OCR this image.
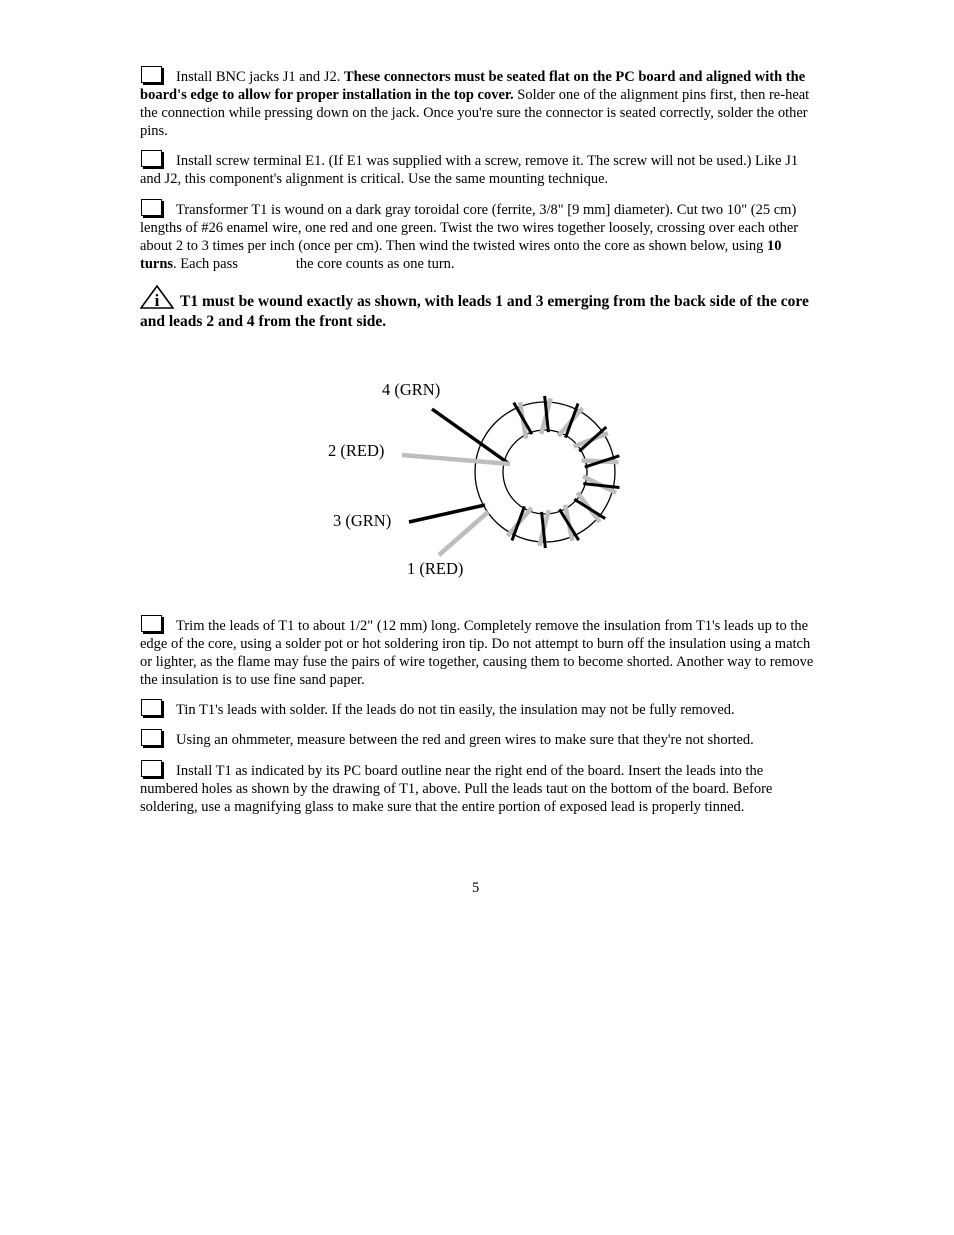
Install BNC jacks J1 and J2. These connectors must be seated flat on the PC board and aligned with the board's edge to allow for proper installation in the top cover. Solder one of the alignment pins first, then re-heat the connection while pressing down on the jack. Once you're sure the connector is seated correctly, solder the other pins.
Install screw terminal E1. (If E1 was supplied with a screw, remove it. The screw will not be used.) Like J1 and J2, this component's alignment is critical. Use the same mounting technique.
Transformer T1 is wound on a dark gray toroidal core (ferrite, 3/8" [9 mm] diameter). Cut two 10" (25 cm) lengths of #26 enamel wire, one red and one green. Twist the two wires together loosely, crossing over each other about 2 to 3 times per inch (once per cm). Then wind the twisted wires onto the core as shown below, using 10 turns. Each pass	the core counts as one turn.
i T1 must be wound exactly as shown, with leads 1 and 3 emerging from the back side of the core and leads 2 and 4 from the front side.
4 (GRN)
2 (RED)
3 (GRN)
1 (RED)
Trim the leads of T1 to about 1/2" (12 mm) long. Completely remove the insulation from T1's leads up to the edge of the core, using a solder pot or hot soldering iron tip. Do not attempt to burn off the insulation using a match or lighter, as the flame may fuse the pairs of wire together, causing them to become shorted. Another way to remove the insulation is to use fine sand paper.
Tin T1's leads with solder. If the leads do not tin easily, the insulation may not be fully removed.
Using an ohmmeter, measure between the red and green wires to make sure that they're not shorted.
Install T1 as indicated by its PC board outline near the right end of the board. Insert the leads into the numbered holes as shown by the drawing of T1, above. Pull the leads taut on the bottom of the board. Before soldering, use a magnifying glass to make sure that the entire portion of exposed lead is properly tinned.
5
